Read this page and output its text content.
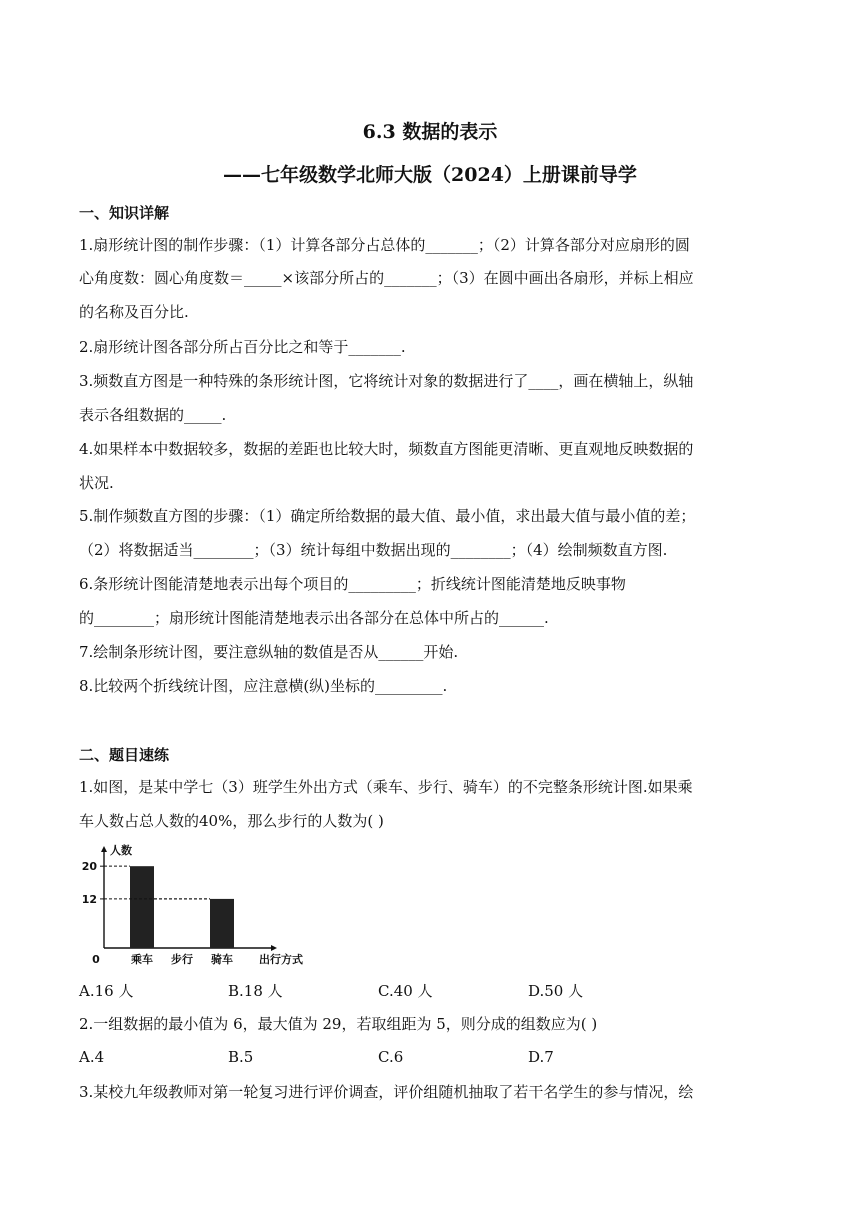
6.3 数据的表示
——七年级数学北师大版（2024）上册课前导学
一、知识详解
1.扇形统计图的制作步骤：（1）计算各部分占总体的_______；（2）计算各部分对应扇形的圆
心角度数：圆心角度数＝_____×该部分所占的_______；（3）在圆中画出各扇形，并标上相应
的名称及百分比.
2.扇形统计图各部分所占百分比之和等于_______.
3.频数直方图是一种特殊的条形统计图，它将统计对象的数据进行了____，画在横轴上，纵轴
表示各组数据的_____.
4.如果样本中数据较多，数据的差距也比较大时，频数直方图能更清晰、更直观地反映数据的
状况.
5.制作频数直方图的步骤：（1）确定所给数据的最大值、最小值，求出最大值与最小值的差；
（2）将数据适当________；（3）统计每组中数据出现的________；（4）绘制频数直方图.
6.条形统计图能清楚地表示出每个项目的_________；折线统计图能清楚地反映事物
的________；扇形统计图能清楚地表示出各部分在总体中所占的______.
7.绘制条形统计图，要注意纵轴的数值是否从______开始.
8.比较两个折线统计图，应注意横(纵)坐标的_________.
二、题目速练
1.如图，是某中学七（3）班学生外出方式（乘车、步行、骑车）的不完整条形统计图.如果乘
车人数占总人数的40%，那么步行的人数为( )
人数
出行方式
0
12
20
乘车 步行 骑车
A.16 人	B.18 人	C.40 人	D.50 人
2.一组数据的最小值为 6，最大值为 29，若取组距为 5，则分成的组数应为( )
A.4	B.5	C.6	D.7
3.某校九年级教师对第一轮复习进行评价调查，评价组随机抽取了若干名学生的参与情况，绘
